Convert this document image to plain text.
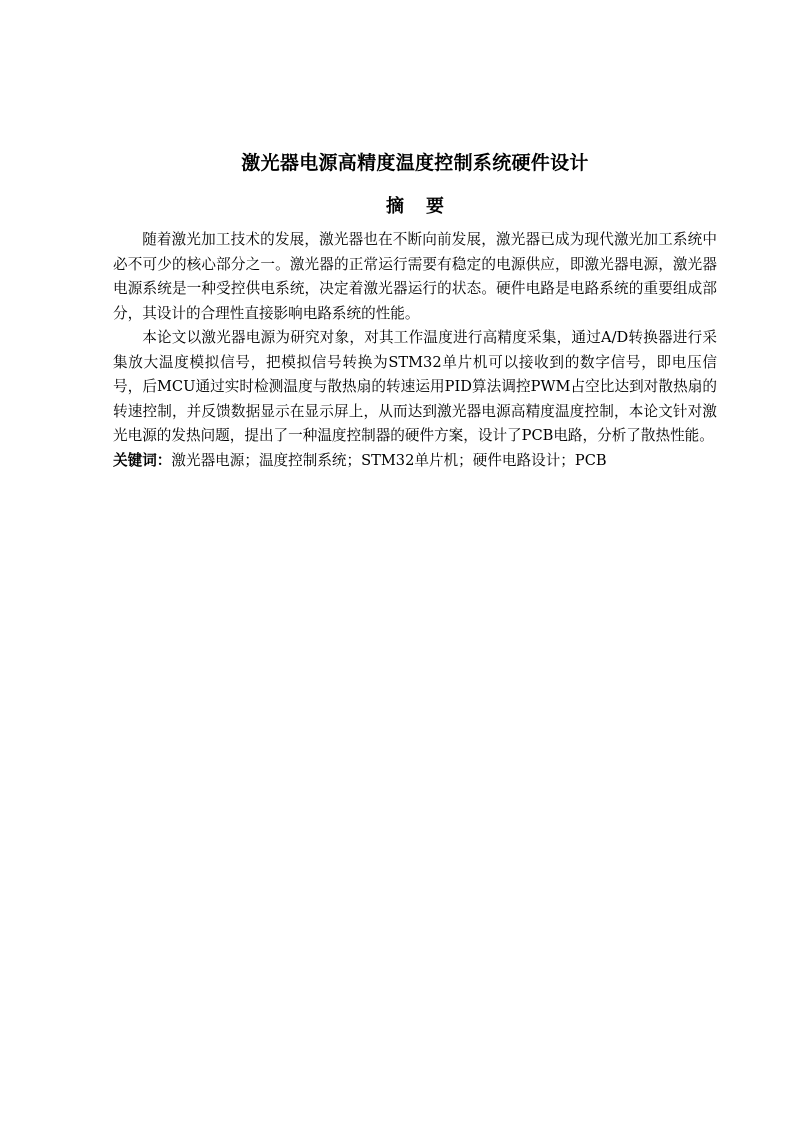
激光器电源高精度温度控制系统硬件设计
摘要

随着激光加工技术的发展，激光器也在不断向前发展，激光器已成为现代激光加工系统中必不可少的核心部分之一。激光器的正常运行需要有稳定的电源供应，即激光器电源，激光器电源系统是一种受控供电系统，决定着激光器运行的状态。硬件电路是电路系统的重要组成部分，其设计的合理性直接影响电路系统的性能。

本论文以激光器电源为研究对象，对其工作温度进行高精度采集，通过A/D转换器进行采集放大温度模拟信号，把模拟信号转换为STM32单片机可以接收到的数字信号，即电压信号，后MCU通过实时检测温度与散热扇的转速运用PID算法调控PWM占空比达到对散热扇的转速控制，并反馈数据显示在显示屏上，从而达到激光器电源高精度温度控制，本论文针对激光电源的发热问题，提出了一种温度控制器的硬件方案，设计了PCB电路，分析了散热性能。

关键词：激光器电源；温度控制系统；STM32单片机；硬件电路设计；PCB
